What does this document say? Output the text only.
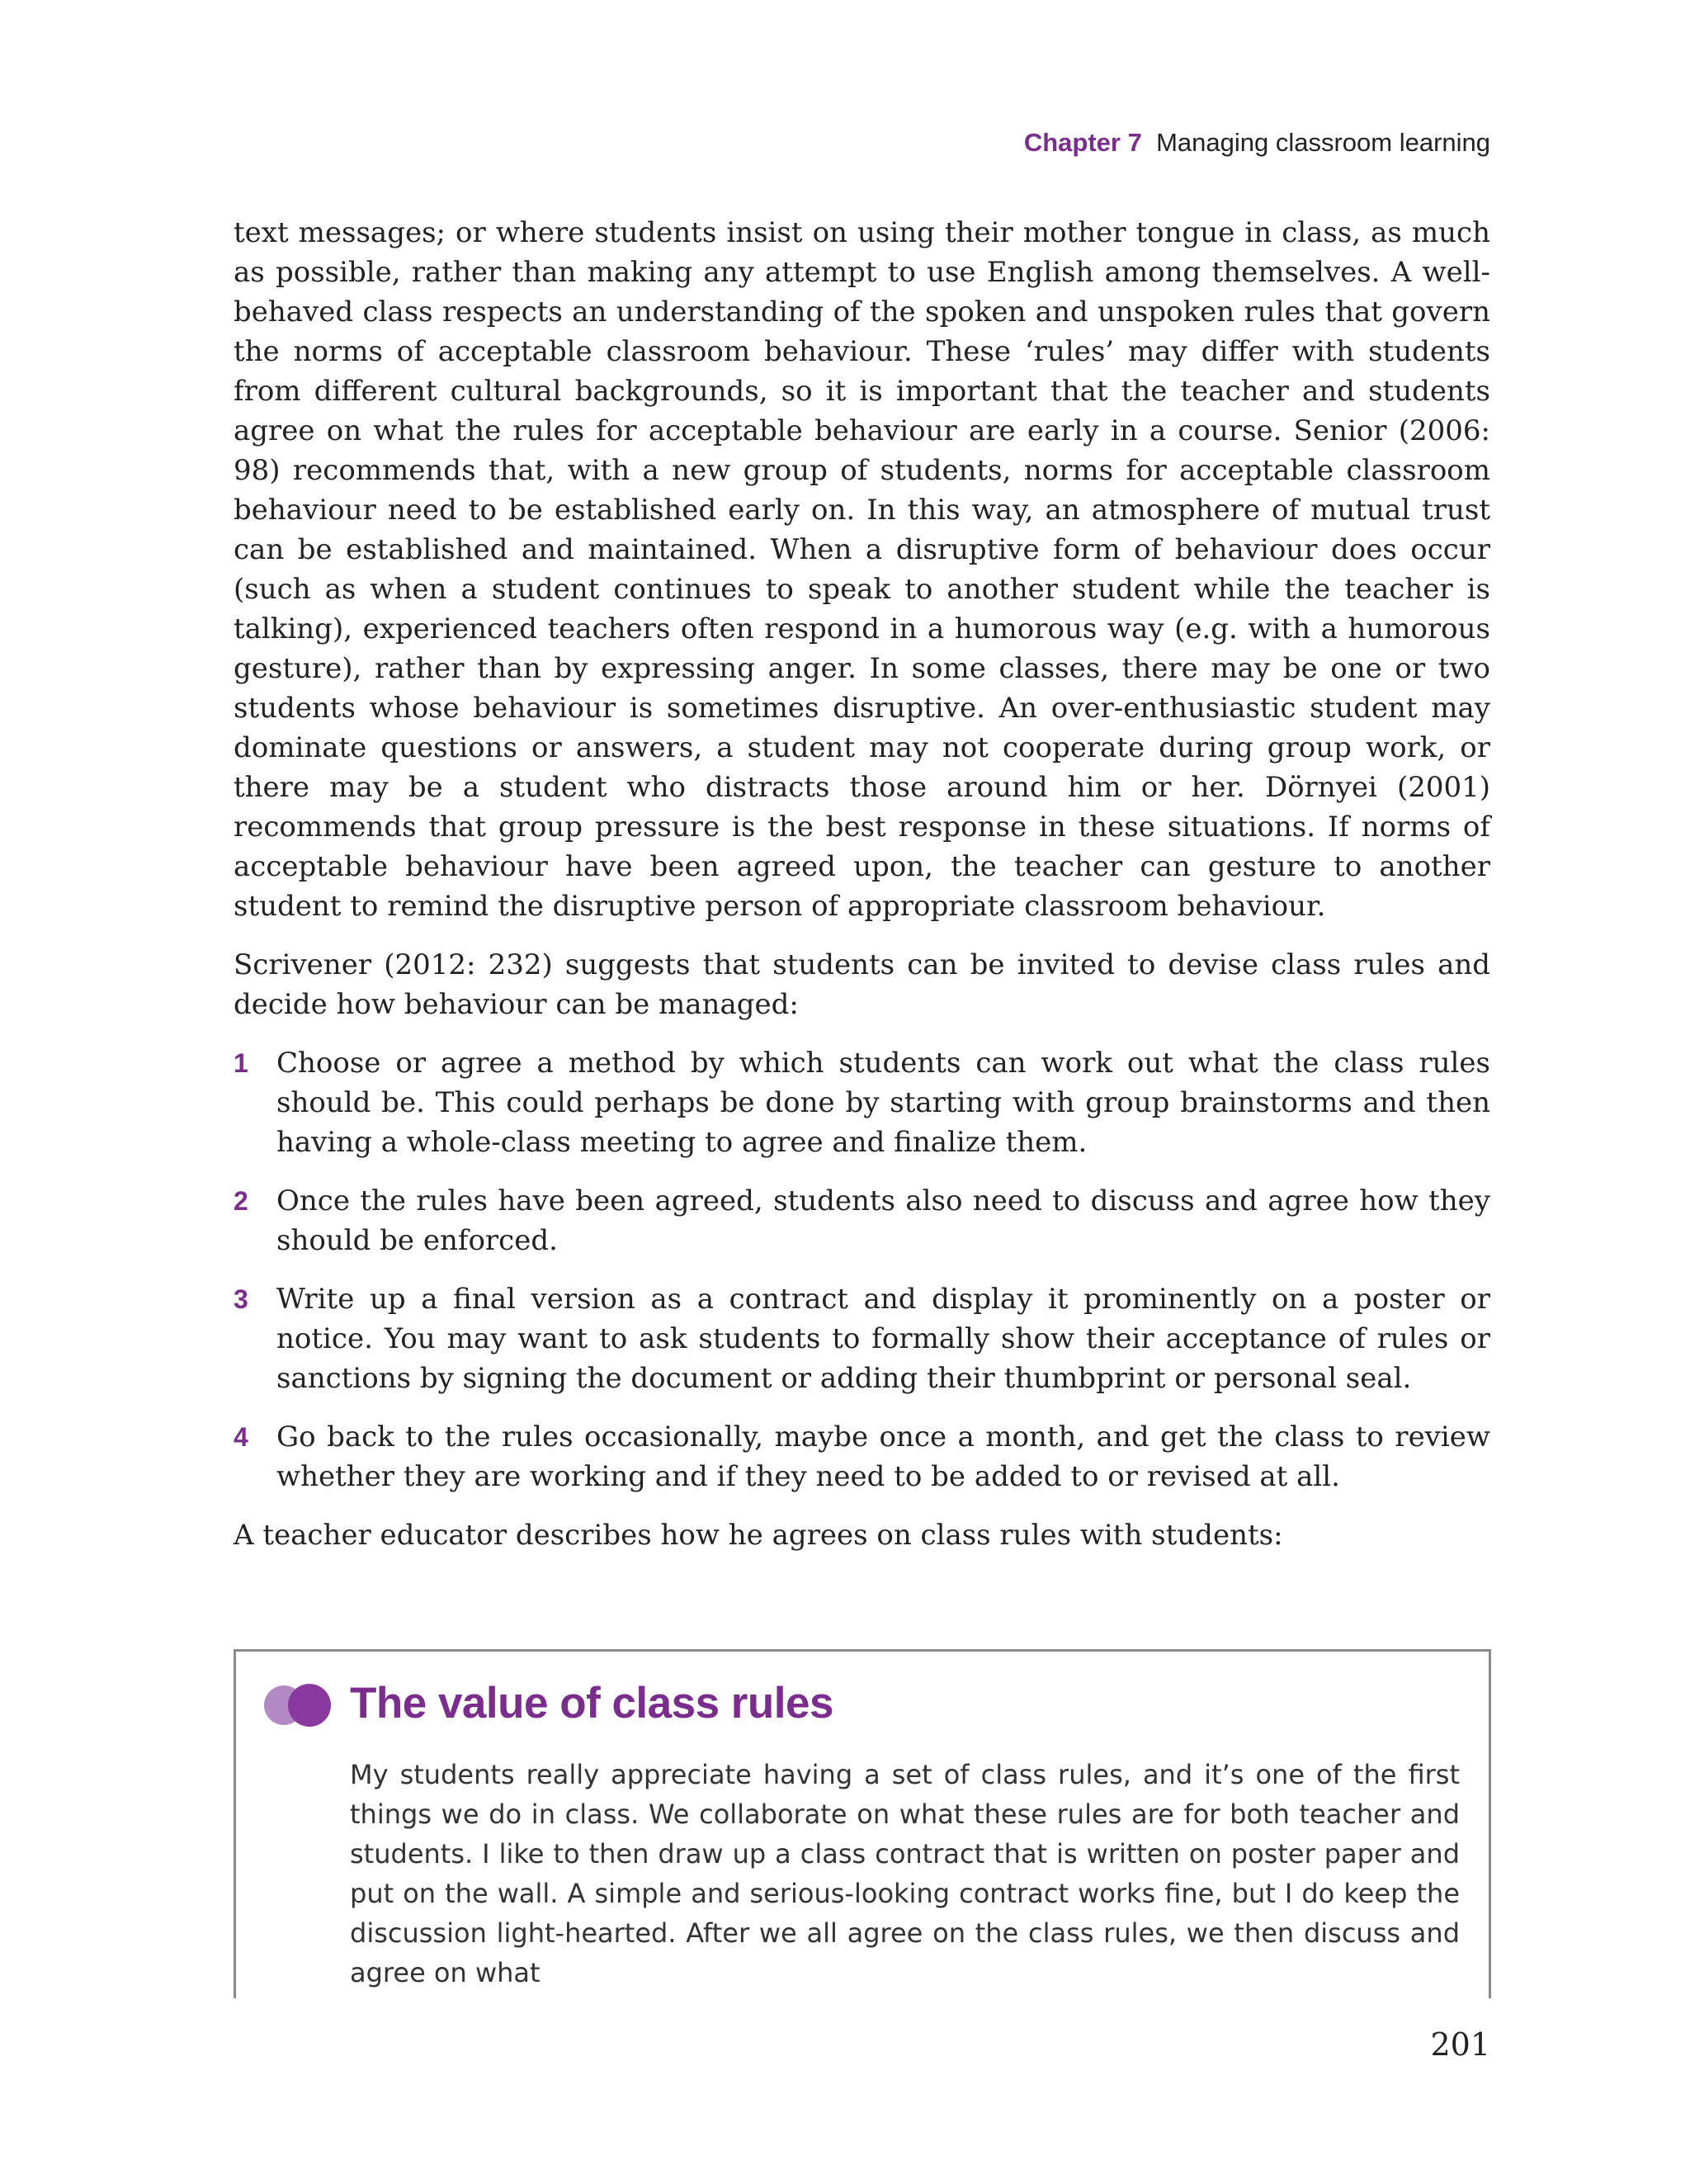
Chapter 7 Managing classroom learning

text messages; or where students insist on using their mother tongue in class, as much as possible, rather than making any attempt to use English among themselves. A well-behaved class respects an understanding of the spoken and unspoken rules that govern the norms of acceptable classroom behaviour. These ‘rules’ may differ with students from different cultural backgrounds, so it is important that the teacher and students agree on what the rules for acceptable behaviour are early in a course. Senior (2006: 98) recommends that, with a new group of students, norms for acceptable classroom behaviour need to be established early on. In this way, an atmosphere of mutual trust can be established and maintained. When a disruptive form of behaviour does occur (such as when a student continues to speak to another student while the teacher is talking), experienced teachers often respond in a humorous way (e.g. with a humorous gesture), rather than by expressing anger. In some classes, there may be one or two students whose behaviour is sometimes disruptive. An over-enthusiastic student may dominate questions or answers, a student may not cooperate during group work, or there may be a student who distracts those around him or her. Dörnyei (2001) recommends that group pressure is the best response in these situations. If norms of acceptable behaviour have been agreed upon, the teacher can gesture to another student to remind the disruptive person of appropriate classroom behaviour.

Scrivener (2012: 232) suggests that students can be invited to devise class rules and decide how behaviour can be managed:

1 Choose or agree a method by which students can work out what the class rules should be. This could perhaps be done by starting with group brainstorms and then having a whole-class meeting to agree and finalize them.
2 Once the rules have been agreed, students also need to discuss and agree how they should be enforced.
3 Write up a final version as a contract and display it prominently on a poster or notice. You may want to ask students to formally show their acceptance of rules or sanctions by signing the document or adding their thumbprint or personal seal.
4 Go back to the rules occasionally, maybe once a month, and get the class to review whether they are working and if they need to be added to or revised at all.

A teacher educator describes how he agrees on class rules with students:

The value of class rules

My students really appreciate having a set of class rules, and it’s one of the first things we do in class. We collaborate on what these rules are for both teacher and students. I like to then draw up a class contract that is written on poster paper and put on the wall. A simple and serious-looking contract works fine, but I do keep the discussion light-hearted. After we all agree on the class rules, we then discuss and agree on what

201
